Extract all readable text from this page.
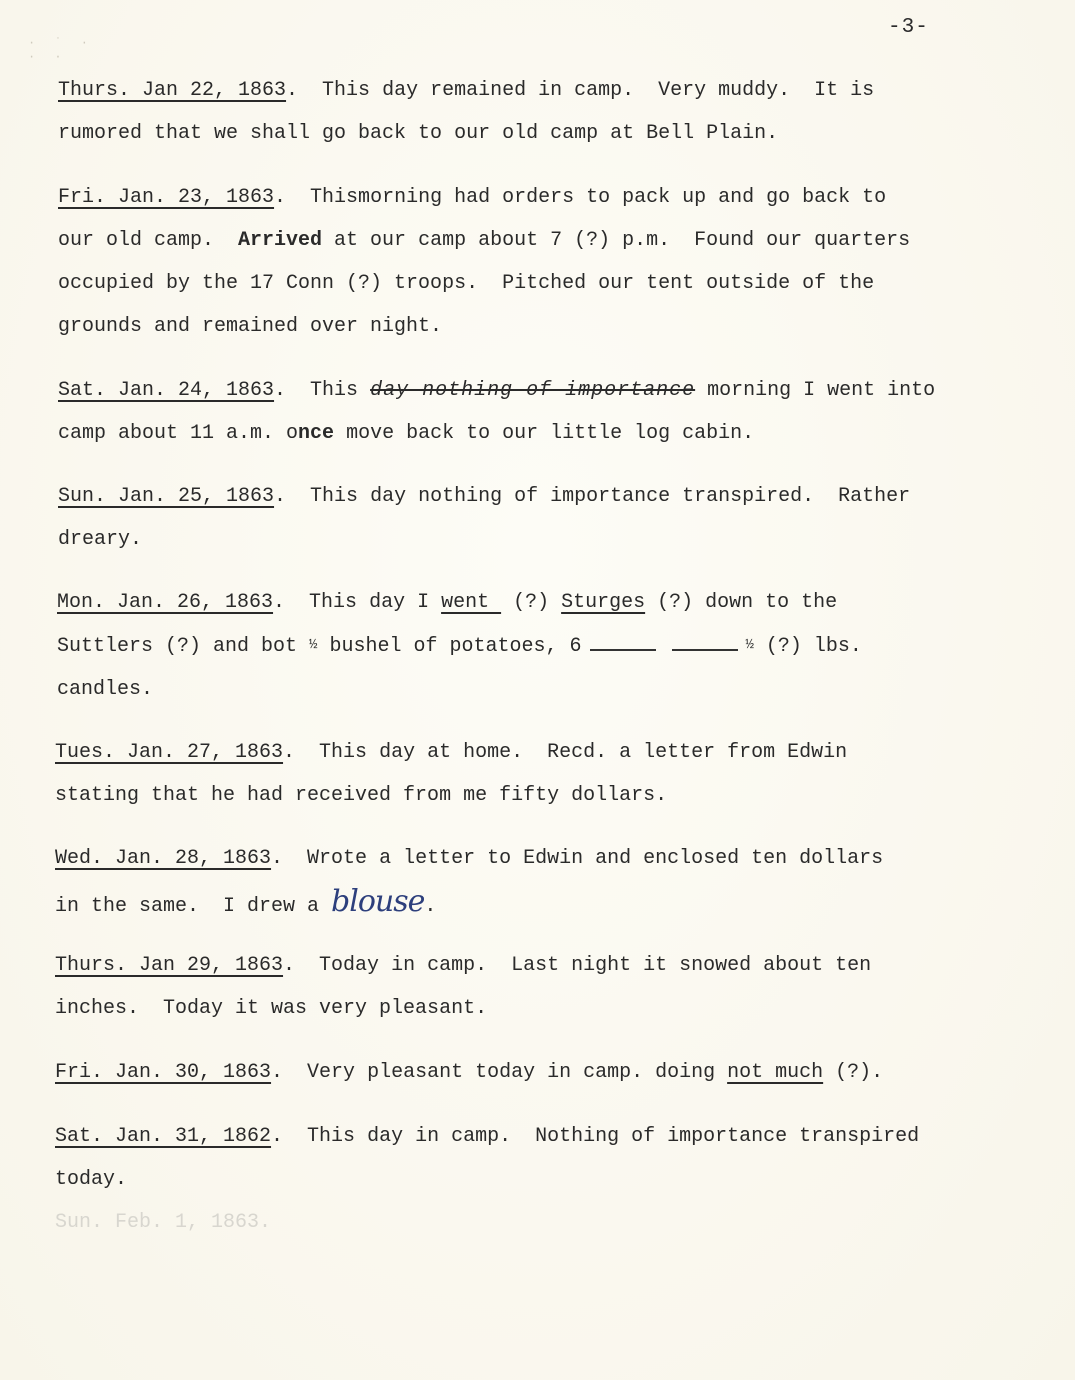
· ˙ ·
· ·
-3-
Thurs. Jan 22, 1863.  This day remained in camp.  Very muddy.  It is
rumored that we shall go back to our old camp at Bell Plain.
Fri. Jan. 23, 1863.  Thismorning had orders to pack up and go back to
our old camp.  Arrived at our camp about 7 (?) p.m.  Found our quarters
occupied by the 17 Conn (?) troops.  Pitched our tent outside of the
grounds and remained over night.
Sat. Jan. 24, 1863.  This day nothing of importance morning I went into
camp about 11 a.m. once move back to our little log cabin.
Sun. Jan. 25, 1863.  This day nothing of importance transpired.  Rather
dreary.
Mon. Jan. 26, 1863.  This day I went  (?) Sturges (?) down to the
Suttlers (?) and bot ½ bushel of potatoes, 6	½ (?) lbs.
candles.
Tues. Jan. 27, 1863.  This day at home.  Recd. a letter from Edwin
stating that he had received from me fifty dollars.
Wed. Jan. 28, 1863.  Wrote a letter to Edwin and enclosed ten dollars
in the same.  I drew a blouse.
Thurs. Jan 29, 1863.  Today in camp.  Last night it snowed about ten
inches.  Today it was very pleasant.
Fri. Jan. 30, 1863.  Very pleasant today in camp. doing not much (?).
Sat. Jan. 31, 1862.  This day in camp.  Nothing of importance transpired
today.
Sun. Feb. 1, 1863.
